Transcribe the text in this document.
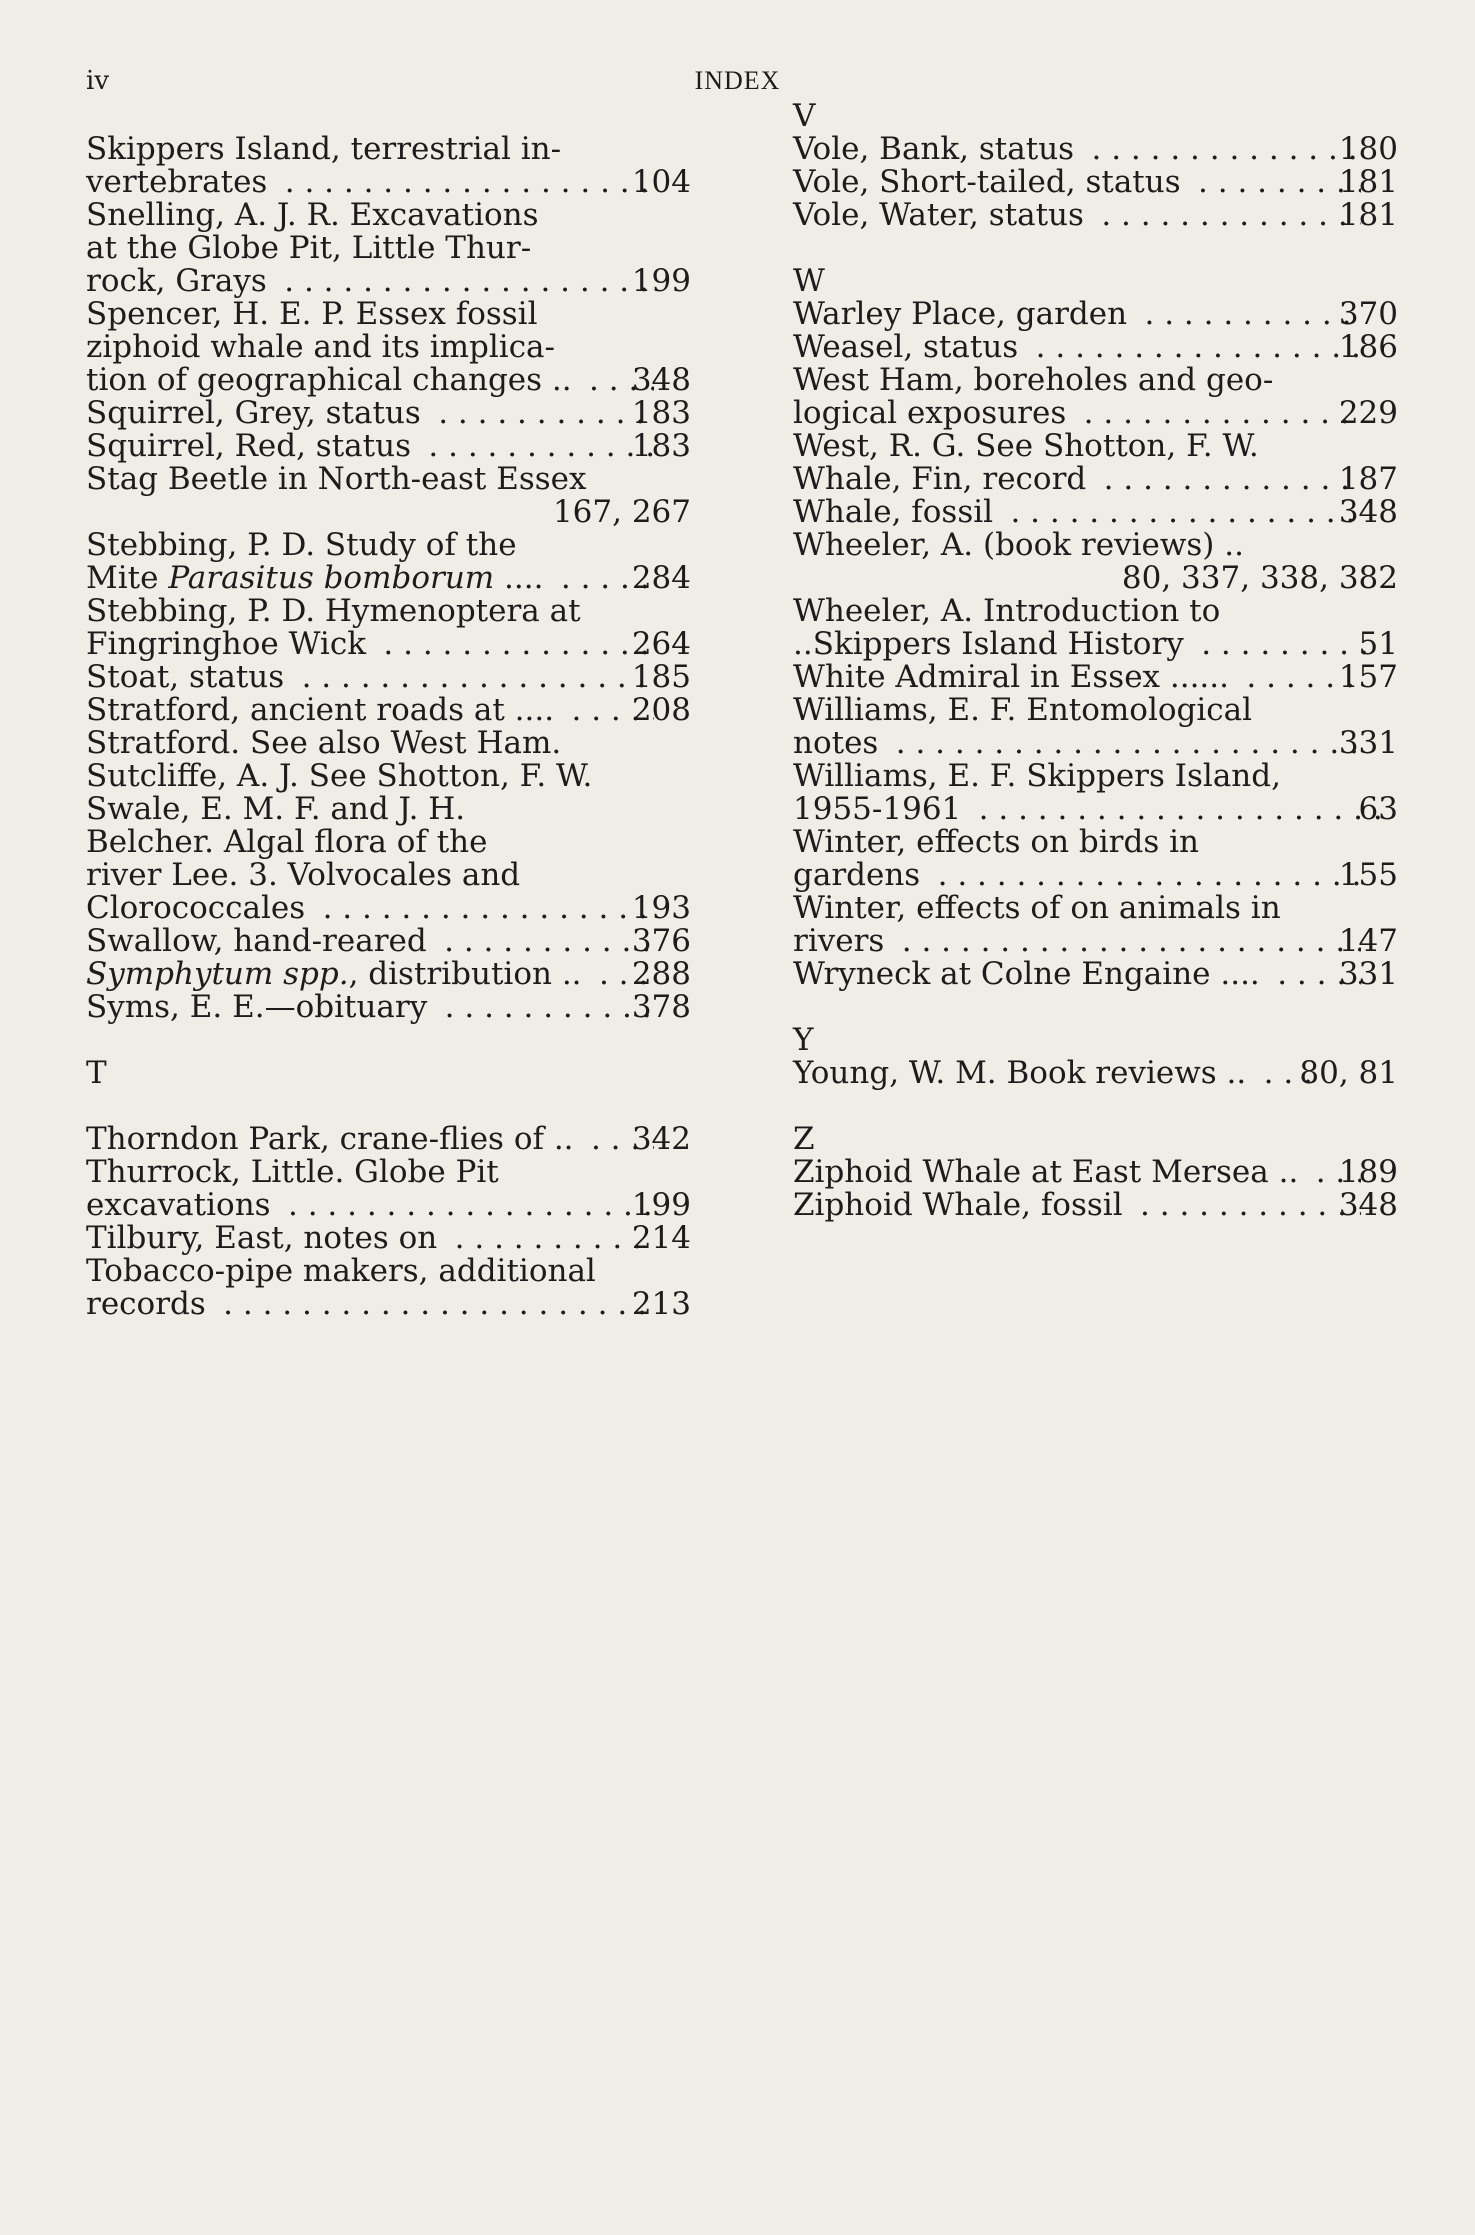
iv	INDEX
Skippers Island, terrestrial in-
vertebrates . . .	104
Snelling, A. J. R. Excavations
at the Globe Pit, Little Thur-
rock, Grays . . .	199
Spencer, H. E. P. Essex fossil
ziphoid whale and its implica-
tion of geographical changes .. . . . 348
Squirrel, Grey, status . . .	183
Squirrel, Red, status . . .	183
Stag Beetle in North-east Essex
167, 267
Stebbing, P. D. Study of the
Mite Parasitus bomborum .... . . .	284
Stebbing, P. D. Hymenoptera at
Fingringhoe Wick . . .	264
Stoat, status . . .	185
Stratford, ancient roads at .... . . .	208
Stratford. See also West Ham.
Sutcliffe, A. J. See Shotton, F. W.
Swale, E. M. F. and J. H.
Belcher. Algal flora of the
river Lee. 3. Volvocales and
Clorococcales . . .	193
Swallow, hand-reared . . .	376
Symphytum spp., distribution .. . . . 288
Syms, E. E.—obituary . . .	378
T
Thorndon Park, crane-flies of .. . . . 342
Thurrock, Little. Globe Pit
excavations . . .	199
Tilbury, East, notes on . . .	214
Tobacco-pipe makers, additional
records . . .	213
V
Vole, Bank, status . . .	180
Vole, Short-tailed, status . . .	181
Vole, Water, status . . .	181
W
Warley Place, garden . . .	370
Weasel, status . . .	186
West Ham, boreholes and geo-
logical exposures . . .	229
West, R. G. See Shotton, F. W.
Whale, Fin, record . . .	187
Whale, fossil . . .	348
Wheeler, A. (book reviews) ..
80, 337, 338, 382
Wheeler, A. Introduction to
..Skippers Island History . . .	51
White Admiral in Essex ...... . . .	157
Williams, E. F. Entomological
notes . . .	331
Williams, E. F. Skippers Island,
1955-1961 . . .	63
Winter, effects on birds in
gardens . . .	155
Winter, effects of on animals in
rivers . . .	147
Wryneck at Colne Engaine .... . . .	331
Y
Young, W. M. Book reviews .. . . . 80, 81
Z
Ziphoid Whale at East Mersea .. . . . 189
Ziphoid Whale, fossil . . .	348
